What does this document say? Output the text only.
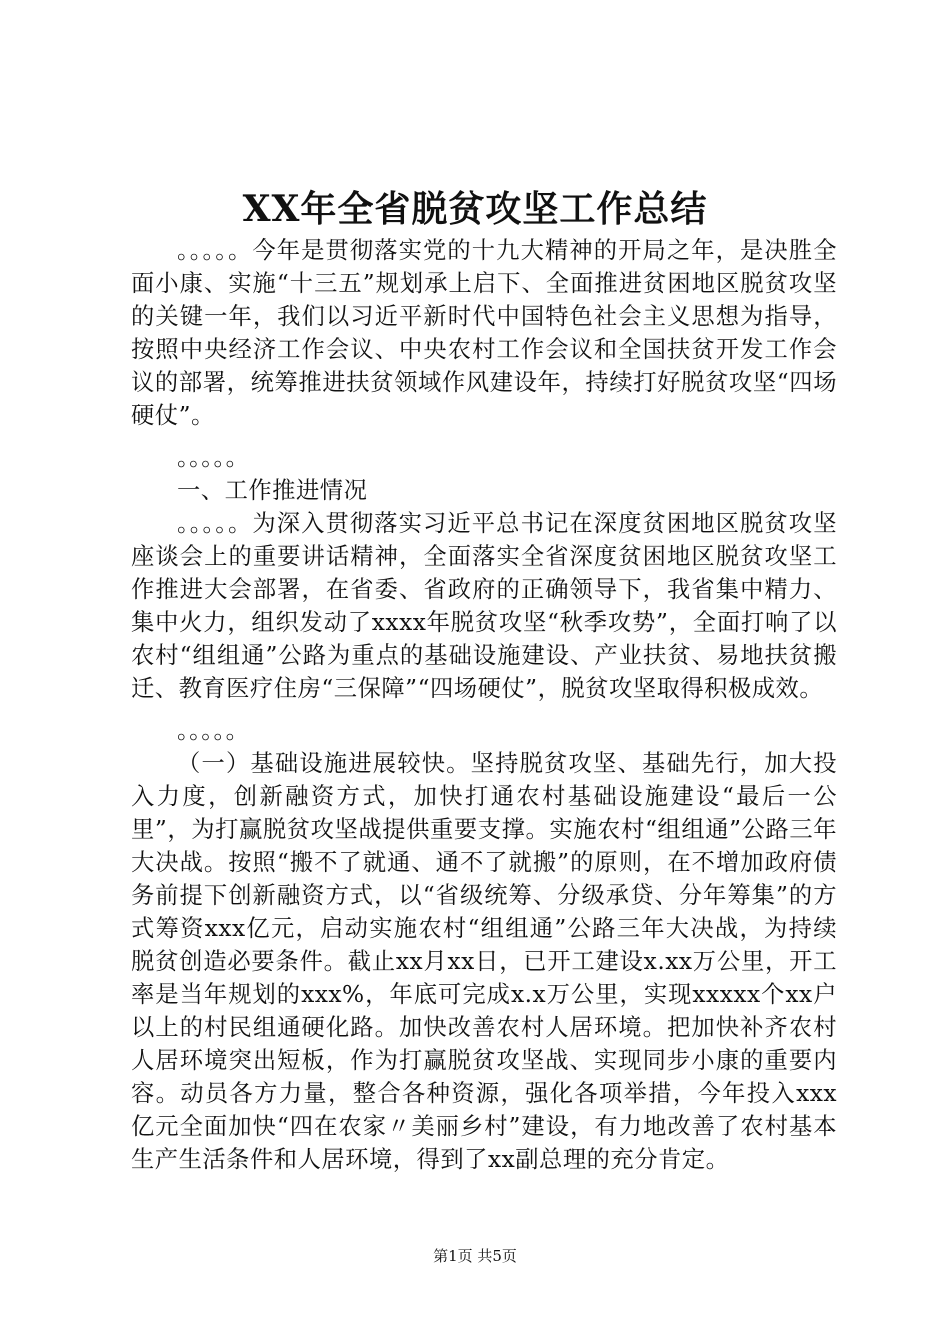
XX年全省脱贫攻坚工作总结

。。。。。今年是贯彻落实党的十九大精神的开局之年，是决胜全面小康、实施“十三五”规划承上启下、全面推进贫困地区脱贫攻坚的关键一年，我们以习近平新时代中国特色社会主义思想为指导，按照中央经济工作会议、中央农村工作会议和全国扶贫开发工作会议的部署，统筹推进扶贫领域作风建设年，持续打好脱贫攻坚“四场硬仗”。

。。。。。

一、工作推进情况

。。。。。为深入贯彻落实习近平总书记在深度贫困地区脱贫攻坚座谈会上的重要讲话精神，全面落实全省深度贫困地区脱贫攻坚工作推进大会部署，在省委、省政府的正确领导下，我省集中精力、集中火力，组织发动了xxxx年脱贫攻坚“秋季攻势”，全面打响了以农村“组组通”公路为重点的基础设施建设、产业扶贫、易地扶贫搬迁、教育医疗住房“三保障”“四场硬仗”，脱贫攻坚取得积极成效。

。。。。。

（一）基础设施进展较快。坚持脱贫攻坚、基础先行，加大投入力度，创新融资方式，加快打通农村基础设施建设“最后一公里”，为打赢脱贫攻坚战提供重要支撑。实施农村“组组通”公路三年大决战。按照“搬不了就通、通不了就搬”的原则，在不增加政府债务前提下创新融资方式，以“省级统筹、分级承贷、分年筹集”的方式筹资xxx亿元，启动实施农村“组组通”公路三年大决战，为持续脱贫创造必要条件。截止xx月xx日，已开工建设x.xx万公里，开工率是当年规划的xxx%，年底可完成x.x万公里，实现xxxxx个xx户以上的村民组通硬化路。加快改善农村人居环境。把加快补齐农村人居环境突出短板，作为打赢脱贫攻坚战、实现同步小康的重要内容。动员各方力量，整合各种资源，强化各项举措，今年投入xxx亿元全面加快“四在农家〃美丽乡村”建设，有力地改善了农村基本生产生活条件和人居环境，得到了xx副总理的充分肯定。

第1页 共5页
